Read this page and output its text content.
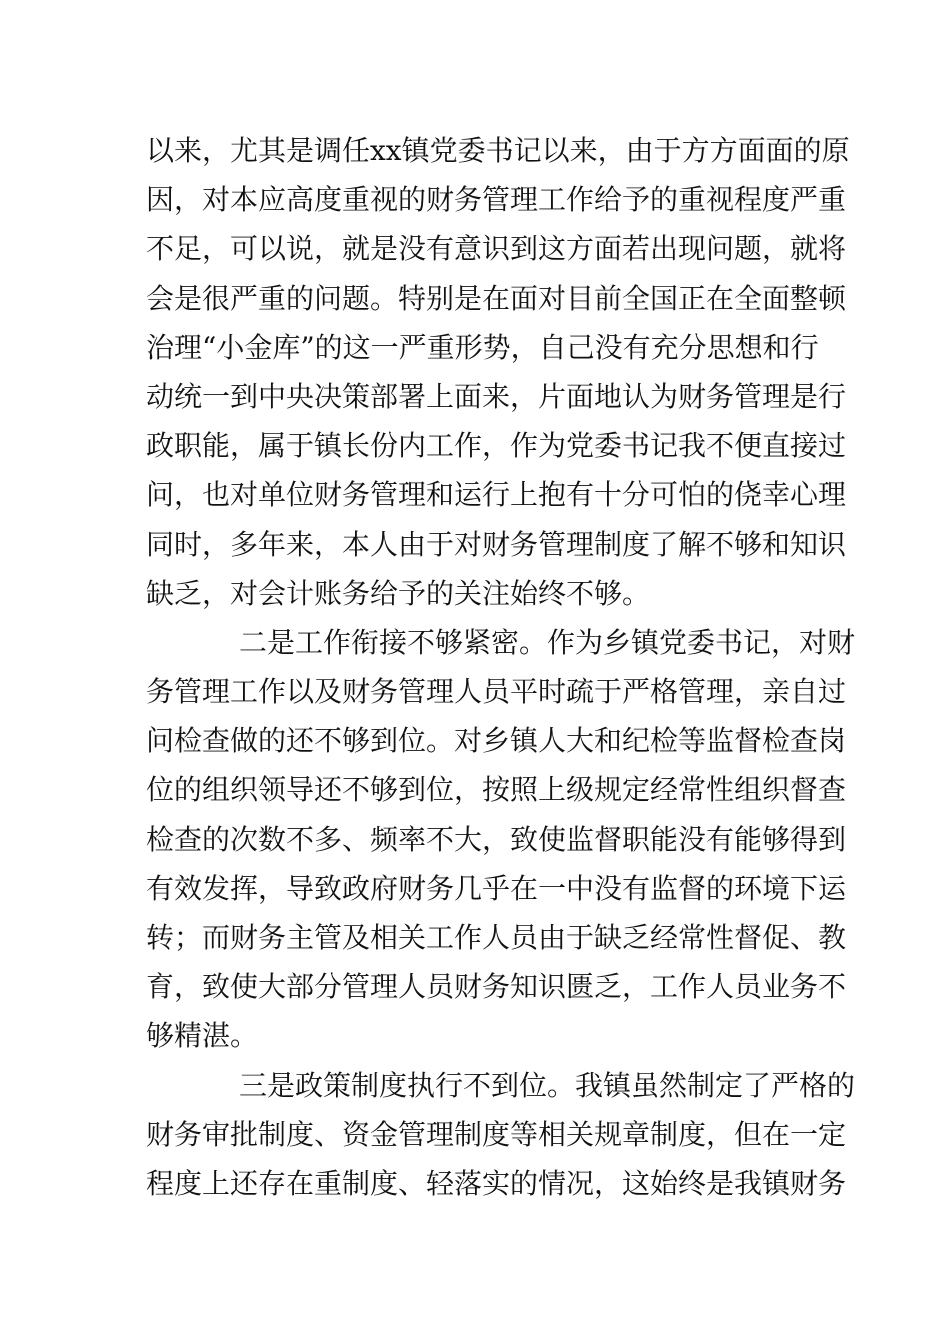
以来，尤其是调任xx镇党委书记以来，由于方方面面的原
因，对本应高度重视的财务管理工作给予的重视程度严重
不足，可以说，就是没有意识到这方面若出现问题，就将
会是很严重的问题。特别是在面对目前全国正在全面整顿
治理“小金库”的这一严重形势，自己没有充分思想和行
动统一到中央决策部署上面来，片面地认为财务管理是行
政职能，属于镇长份内工作，作为党委书记我不便直接过
问，也对单位财务管理和运行上抱有十分可怕的侥幸心理
同时，多年来，本人由于对财务管理制度了解不够和知识
缺乏，对会计账务给予的关注始终不够。
二是工作衔接不够紧密。作为乡镇党委书记，对财
务管理工作以及财务管理人员平时疏于严格管理，亲自过
问检查做的还不够到位。对乡镇人大和纪检等监督检查岗
位的组织领导还不够到位，按照上级规定经常性组织督查
检查的次数不多、频率不大，致使监督职能没有能够得到
有效发挥，导致政府财务几乎在一中没有监督的环境下运
转；而财务主管及相关工作人员由于缺乏经常性督促、教
育，致使大部分管理人员财务知识匮乏，工作人员业务不
够精湛。
三是政策制度执行不到位。我镇虽然制定了严格的
财务审批制度、资金管理制度等相关规章制度，但在一定
程度上还存在重制度、轻落实的情况，这始终是我镇财务
